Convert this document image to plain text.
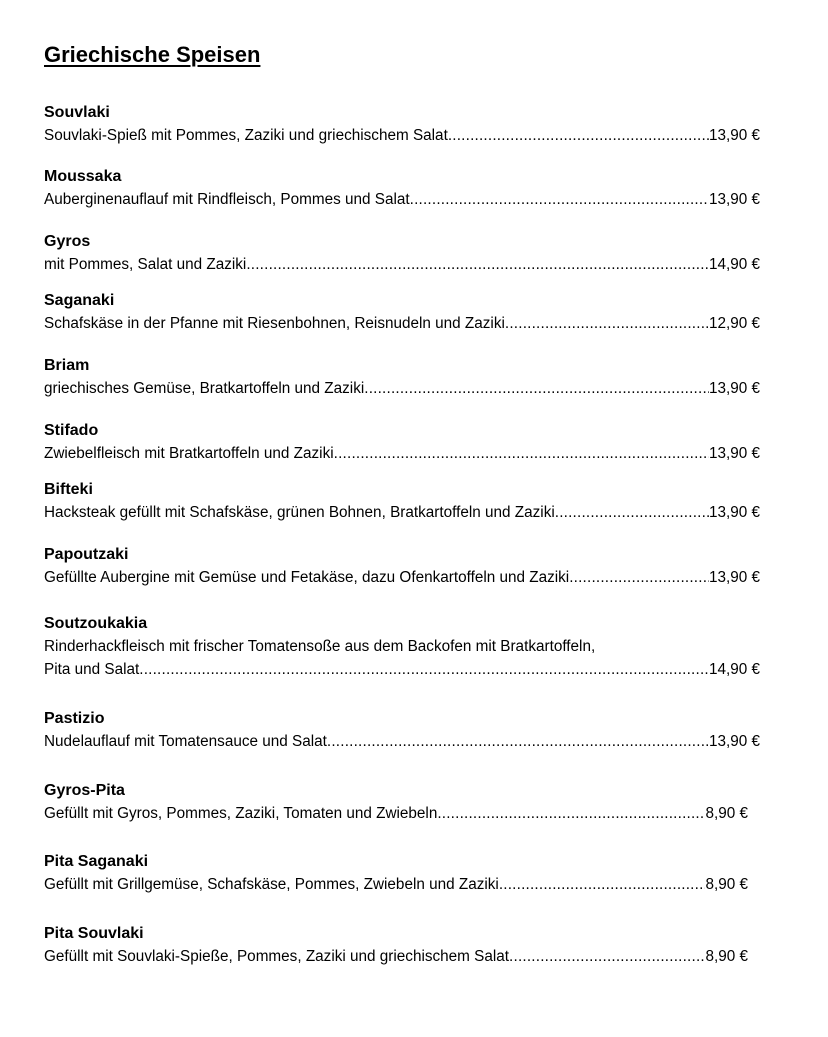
Griechische Speisen
Souvlaki
Souvlaki-Spieß mit Pommes, Zaziki und griechischem Salat .....	13,90 €
Moussaka
Auberginenauflauf mit Rindfleisch, Pommes und Salat .....	13,90 €
Gyros
mit Pommes, Salat und Zaziki .....	14,90 €
Saganaki
Schafskäse in der Pfanne mit Riesenbohnen, Reisnudeln und Zaziki .....	12,90 €
Briam
griechisches Gemüse, Bratkartoffeln und Zaziki .....	13,90 €
Stifado
Zwiebelfleisch mit Bratkartoffeln und Zaziki .....	13,90 €
Bifteki
Hacksteak gefüllt mit Schafskäse, grünen Bohnen, Bratkartoffeln und Zaziki .....	13,90 €
Papoutzaki
Gefüllte Aubergine mit Gemüse und Fetakäse, dazu Ofenkartoffeln und Zaziki .....	13,90 €
Soutzoukakia
Rinderhackfleisch mit frischer Tomatensoße aus dem Backofen mit Bratkartoffeln,
Pita und Salat .....	14,90 €
Pastizio
Nudelauflauf mit Tomatensauce und Salat .....	13,90 €
Gyros-Pita
Gefüllt mit Gyros, Pommes, Zaziki, Tomaten und Zwiebeln .....	8,90 €
Pita Saganaki
Gefüllt mit Grillgemüse, Schafskäse, Pommes, Zwiebeln und Zaziki .....	8,90 €
Pita Souvlaki
Gefüllt mit Souvlaki-Spieße, Pommes, Zaziki und griechischem Salat .....	8,90 €
